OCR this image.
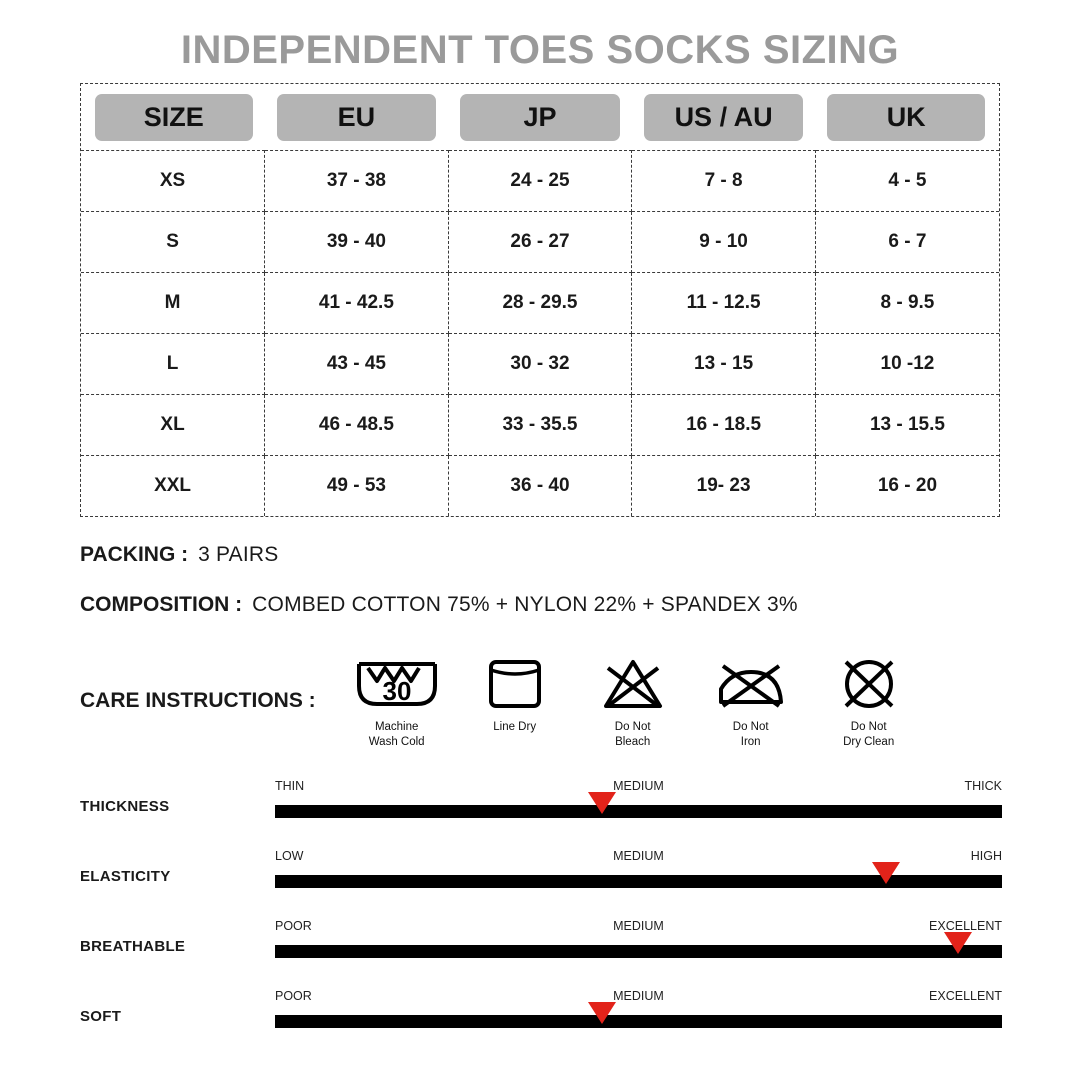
INDEPENDENT TOES SOCKS SIZING
SIZE	EU	JP	US / AU	UK

XS	37 - 38	24 - 25	7 - 8	4 - 5
S	39 - 40	26 - 27	9 - 10	6 - 7
M	41 - 42.5	28 - 29.5	11 - 12.5	8 - 9.5
L	43 - 45	30 - 32	13 - 15	10 -12
XL	46 - 48.5	33 - 35.5	16 - 18.5	13 - 15.5
XXL	49 - 53	36 - 40	19- 23	16 - 20
PACKING : 3 PAIRS
COMPOSITION : COMBED COTTON 75% + NYLON 22% + SPANDEX 3%
CARE INSTRUCTIONS :	30
Machine
Wash Cold
Line Dry	Do Not
Bleach
Do Not
Iron
Do Not
Dry Clean
THICKNESS
THIN	MEDIUM	THICK
ELASTICITY
LOW	MEDIUM	HIGH
BREATHABLE
POOR	MEDIUM	EXCELLENT
SOFT
POOR	MEDIUM	EXCELLENT
